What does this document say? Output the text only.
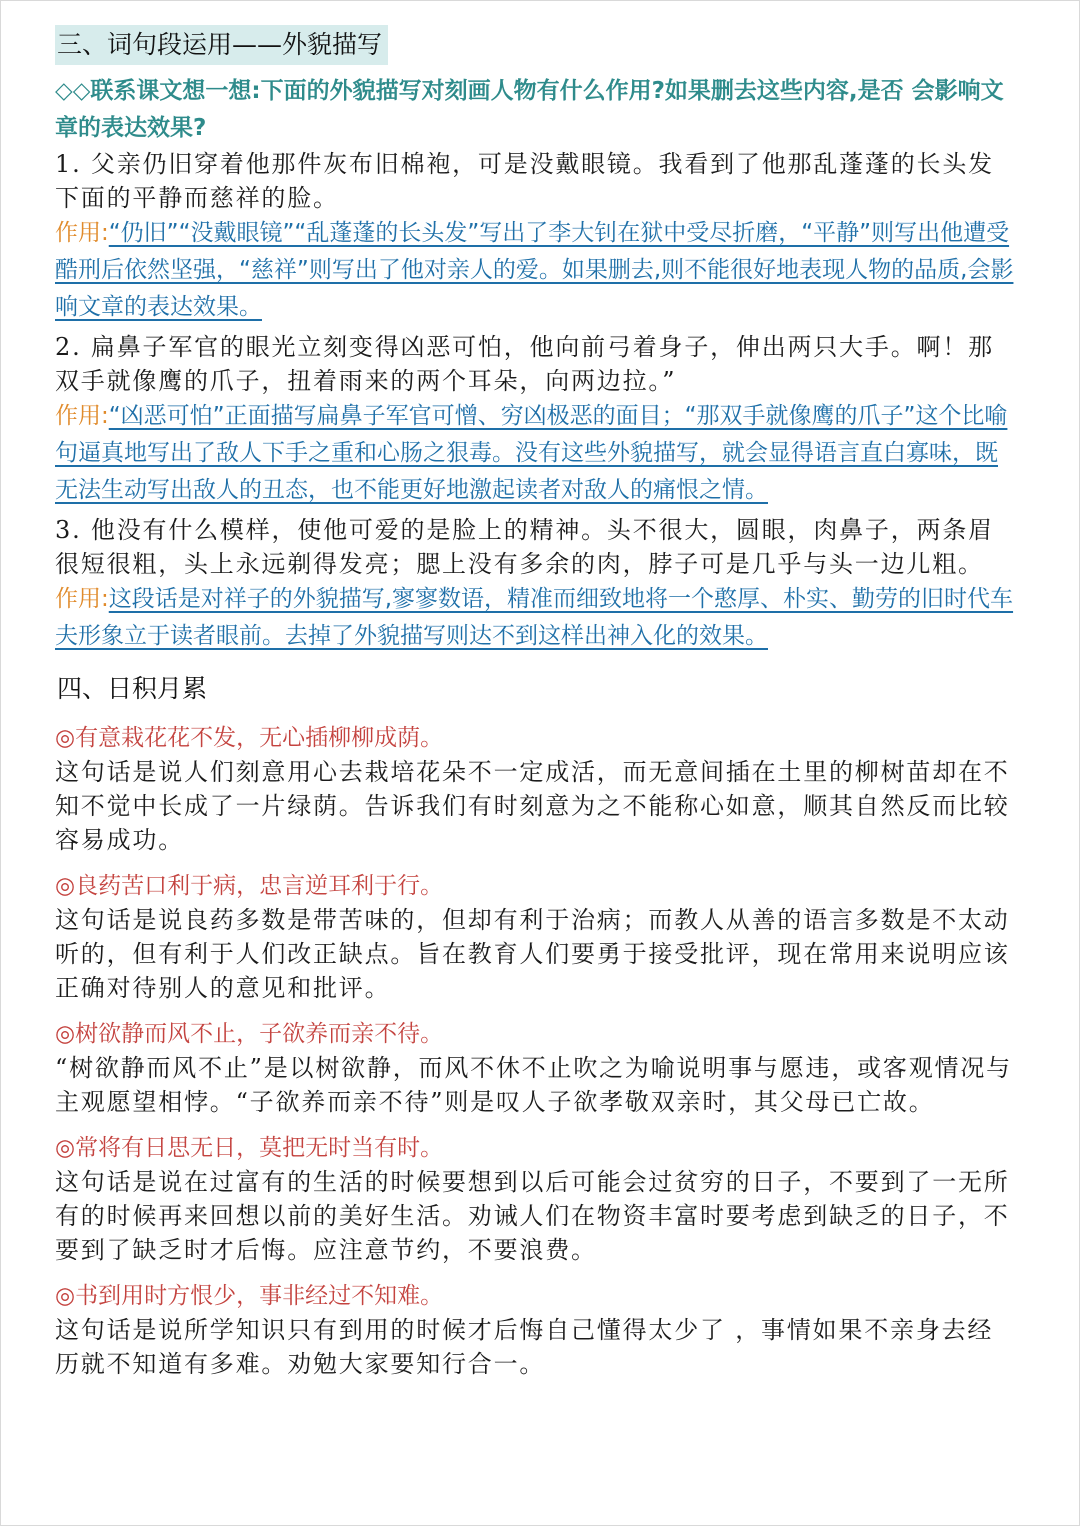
三、词句段运用——外貌描写
◇◇联系课文想一想:下面的外貌描写对刻画人物有什么作用?如果删去这些内容,是否 会影响文章的表达效果?
1. 父亲仍旧穿着他那件灰布旧棉袍，可是没戴眼镜。我看到了他那乱蓬蓬的长头发下面的平静而慈祥的脸。
作用:“仍旧”“没戴眼镜”“乱蓬蓬的长头发”写出了李大钊在狱中受尽折磨，“平静”则写出他遭受酷刑后依然坚强，“慈祥”则写出了他对亲人的爱。如果删去,则不能很好地表现人物的品质,会影响文章的表达效果。
2. 扁鼻子军官的眼光立刻变得凶恶可怕，他向前弓着身子，伸出两只大手。啊！那双手就像鹰的爪子，扭着雨来的两个耳朵，向两边拉。”
作用:“凶恶可怕”正面描写扁鼻子军官可憎、穷凶极恶的面目；“那双手就像鹰的爪子”这个比喻句逼真地写出了敌人下手之重和心肠之狠毒。没有这些外貌描写，就会显得语言直白寡味，既无法生动写出敌人的丑态，也不能更好地激起读者对敌人的痛恨之情。
3. 他没有什么模样，使他可爱的是脸上的精神。头不很大，圆眼，肉鼻子，两条眉很短很粗，头上永远剃得发亮；腮上没有多余的肉，脖子可是几乎与头一边儿粗。
作用:这段话是对祥子的外貌描写,寥寥数语，精准而细致地将一个憨厚、朴实、勤劳的旧时代车夫形象立于读者眼前。去掉了外貌描写则达不到这样出神入化的效果。
四、日积月累
◎有意栽花花不发，无心插柳柳成荫。
这句话是说人们刻意用心去栽培花朵不一定成活，而无意间插在土里的柳树苗却在不知不觉中长成了一片绿荫。告诉我们有时刻意为之不能称心如意，顺其自然反而比较容易成功。
◎良药苦口利于病，忠言逆耳利于行。
这句话是说良药多数是带苦味的，但却有利于治病；而教人从善的语言多数是不太动听的，但有利于人们改正缺点。旨在教育人们要勇于接受批评，现在常用来说明应该正确对待别人的意见和批评。
◎树欲静而风不止，子欲养而亲不待。
“树欲静而风不止”是以树欲静，而风不休不止吹之为喻说明事与愿违，或客观情况与主观愿望相悖。“子欲养而亲不待”则是叹人子欲孝敬双亲时，其父母已亡故。
◎常将有日思无日，莫把无时当有时。
这句话是说在过富有的生活的时候要想到以后可能会过贫穷的日子，不要到了一无所有的时候再来回想以前的美好生活。劝诫人们在物资丰富时要考虑到缺乏的日子，不要到了缺乏时才后悔。应注意节约，不要浪费。
◎书到用时方恨少，事非经过不知难。
这句话是说所学知识只有到用的时候才后悔自己懂得太少了 ，事情如果不亲身去经历就不知道有多难。劝勉大家要知行合一。
